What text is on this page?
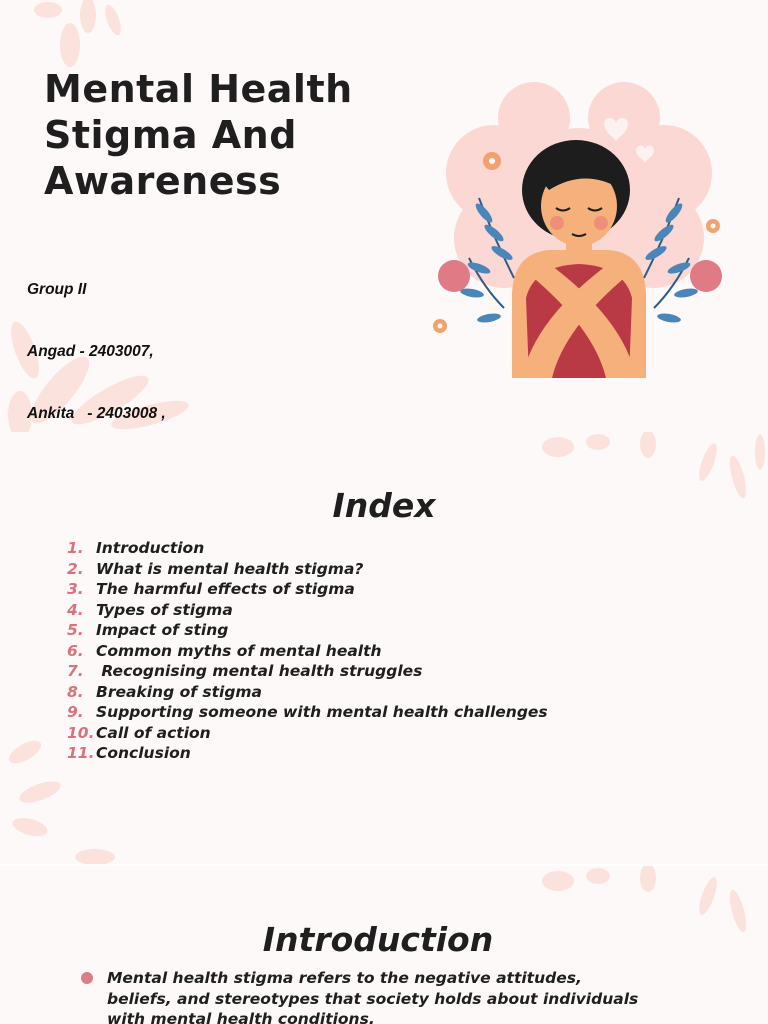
Mental Health
Stigma And
Awareness

Group II

Angad - 2403007,

Ankita   - 2403008 ,

Index
1. Introduction
2. What is mental health stigma?
3. The harmful effects of stigma
4. Types of stigma
5. Impact of sting
6. Common myths of mental health
7. Recognising mental health struggles
8. Breaking of stigma
9. Supporting someone with mental health challenges
10. Call of action
11. Conclusion
Introduction

Mental health stigma refers to the negative attitudes,
beliefs, and stereotypes that society holds about individuals
with mental health conditions.
